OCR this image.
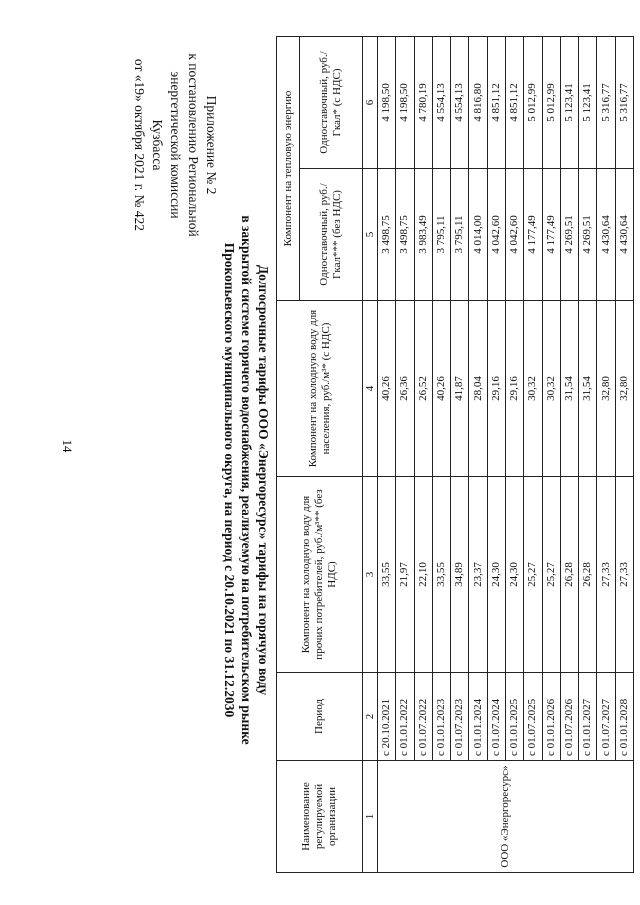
14
Приложение № 2
к постановлению Региональной
энергетической комиссии
Кузбасса
от «19» октября 2021 г. № 422
Долгосрочные тарифы ООО «Энергоресурс» тарифы на горячую воду
в закрытой системе горячего водоснабжения, реализуемую на потребительском рынке
Прокопьевского муниципального округа, на период с 20.10.2021 по 31.12.2030
Наименование регулируемой организации	Период	Компонент на холодную воду для прочих потребителей, руб./м³** (без НДС)	Компонент на холодную воду для населения, руб./м³* (с НДС)	Компонент на тепловую энергию	
				Одноставочный, руб./Гкал*** (без НДС)	Одноставочный, руб./Гкал* (с НДС)
1	2	3	4	5	6
ООО «Энергоресурс»	с 20.10.2021	33,55	40,26	3 498,75	4 198,50
	с 01.01.2022	21,97	26,36	3 498,75	4 198,50
	с 01.07.2022	22,10	26,52	3 983,49	4 780,19
	с 01.01.2023	33,55	40,26	3 795,11	4 554,13
	с 01.07.2023	34,89	41,87	3 795,11	4 554,13
	с 01.01.2024	23,37	28,04	4 014,00	4 816,80
	с 01.07.2024	24,30	29,16	4 042,60	4 851,12
	с 01.01.2025	24,30	29,16	4 042,60	4 851,12
	с 01.07.2025	25,27	30,32	4 177,49	5 012,99
	с 01.01.2026	25,27	30,32	4 177,49	5 012,99
	с 01.07.2026	26,28	31,54	4 269,51	5 123,41
	с 01.01.2027	26,28	31,54	4 269,51	5 123,41
	с 01.07.2027	27,33	32,80	4 430,64	5 316,77
	с 01.01.2028	27,33	32,80	4 430,64	5 316,77
